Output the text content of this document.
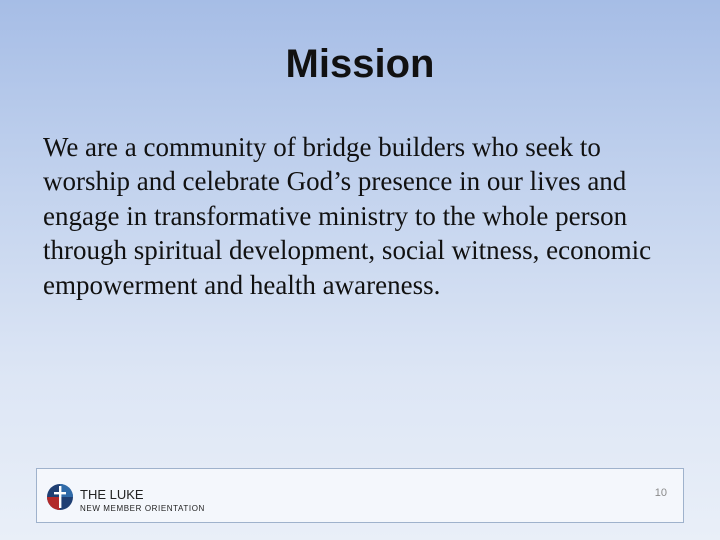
Mission

We are a community of bridge builders who seek to worship and celebrate God’s presence in our lives and engage in transformative ministry to the whole person through spiritual development, social witness, economic empowerment and health awareness.

THE LUKE
NEW MEMBER ORIENTATION
10
